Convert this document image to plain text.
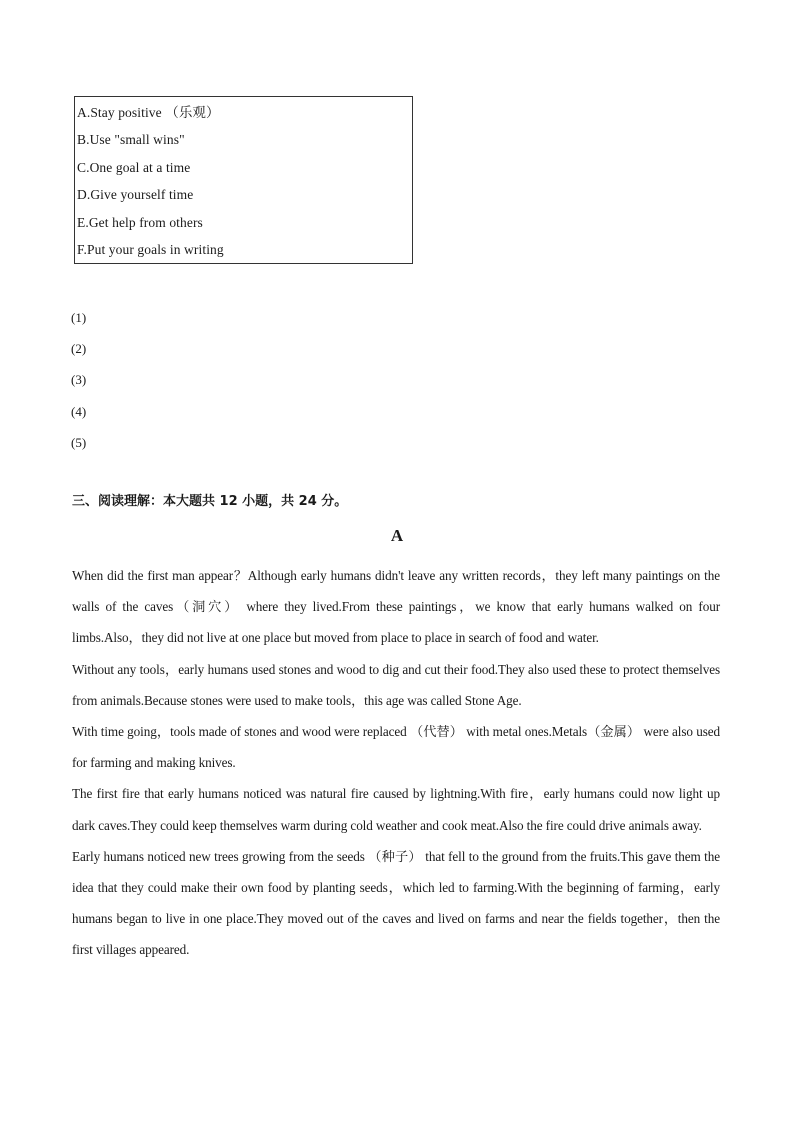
A.Stay positive （乐观）
B.Use "small wins"
C.One goal at a time
D.Give yourself time
E.Get help from others
F.Put your goals in writing
(1)
(2)
(3)
(4)
(5)
三、阅读理解：本大题共 12 小题，共 24 分。
A

When did the first man appear？Although early humans didn't leave any written records，they left many paintings on the walls of the caves（洞穴） where they lived.From these paintings，we know that early humans walked on four limbs.Also，they did not live at one place but moved from place to place in search of food and water.

Without any tools，early humans used stones and wood to dig and cut their food.They also used these to protect themselves from animals.Because stones were used to make tools，this age was called Stone Age.

With time going，tools made of stones and wood were replaced （代替） with metal ones.Metals（金属） were also used for farming and making knives.

The first fire that early humans noticed was natural fire caused by lightning.With fire，early humans could now light up dark caves.They could keep themselves warm during cold weather and cook meat.Also the fire could drive animals away.

Early humans noticed new trees growing from the seeds （种子） that fell to the ground from the fruits.This gave them the idea that they could make their own food by planting seeds，which led to farming.With the beginning of farming，early humans began to live in one place.They moved out of the caves and lived on farms and near the fields together，then the first villages appeared.
